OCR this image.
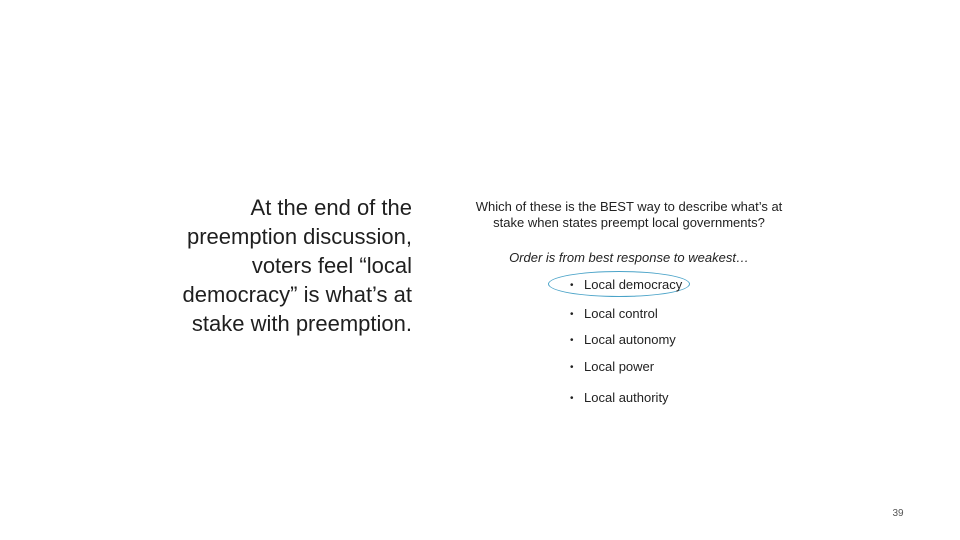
At the end of the
preemption discussion,
voters feel “local
democracy” is what’s at
stake with preemption.
Which of these is the BEST way to describe what’s at
stake when states preempt local governments?
Order is from best response to weakest…
• Local democracy
• Local control
• Local autonomy
• Local power
• Local authority
39
